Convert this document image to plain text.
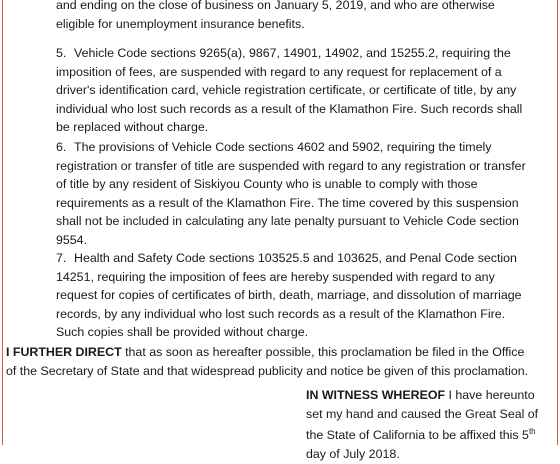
and ending on the close of business on January 5, 2019, and who are otherwise
eligible for unemployment insurance benefits.
5. Vehicle Code sections 9265(a), 9867, 14901, 14902, and 15255.2, requiring the
imposition of fees, are suspended with regard to any request for replacement of a
driver's identification card, vehicle registration certificate, or certificate of title, by any
individual who lost such records as a result of the Klamathon Fire. Such records shall
be replaced without charge.
6. The provisions of Vehicle Code sections 4602 and 5902, requiring the timely
registration or transfer of title are suspended with regard to any registration or transfer
of title by any resident of Siskiyou County who is unable to comply with those
requirements as a result of the Klamathon Fire. The time covered by this suspension
shall not be included in calculating any late penalty pursuant to Vehicle Code section
9554.
7. Health and Safety Code sections 103525.5 and 103625, and Penal Code section
14251, requiring the imposition of fees are hereby suspended with regard to any
request for copies of certificates of birth, death, marriage, and dissolution of marriage
records, by any individual who lost such records as a result of the Klamathon Fire.
Such copies shall be provided without charge.
I FURTHER DIRECT that as soon as hereafter possible, this proclamation be filed in the Office
of the Secretary of State and that widespread publicity and notice be given of this proclamation.
IN WITNESS WHEREOF I have hereunto
set my hand and caused the Great Seal of
the State of California to be affixed this 5th
day of July 2018.
